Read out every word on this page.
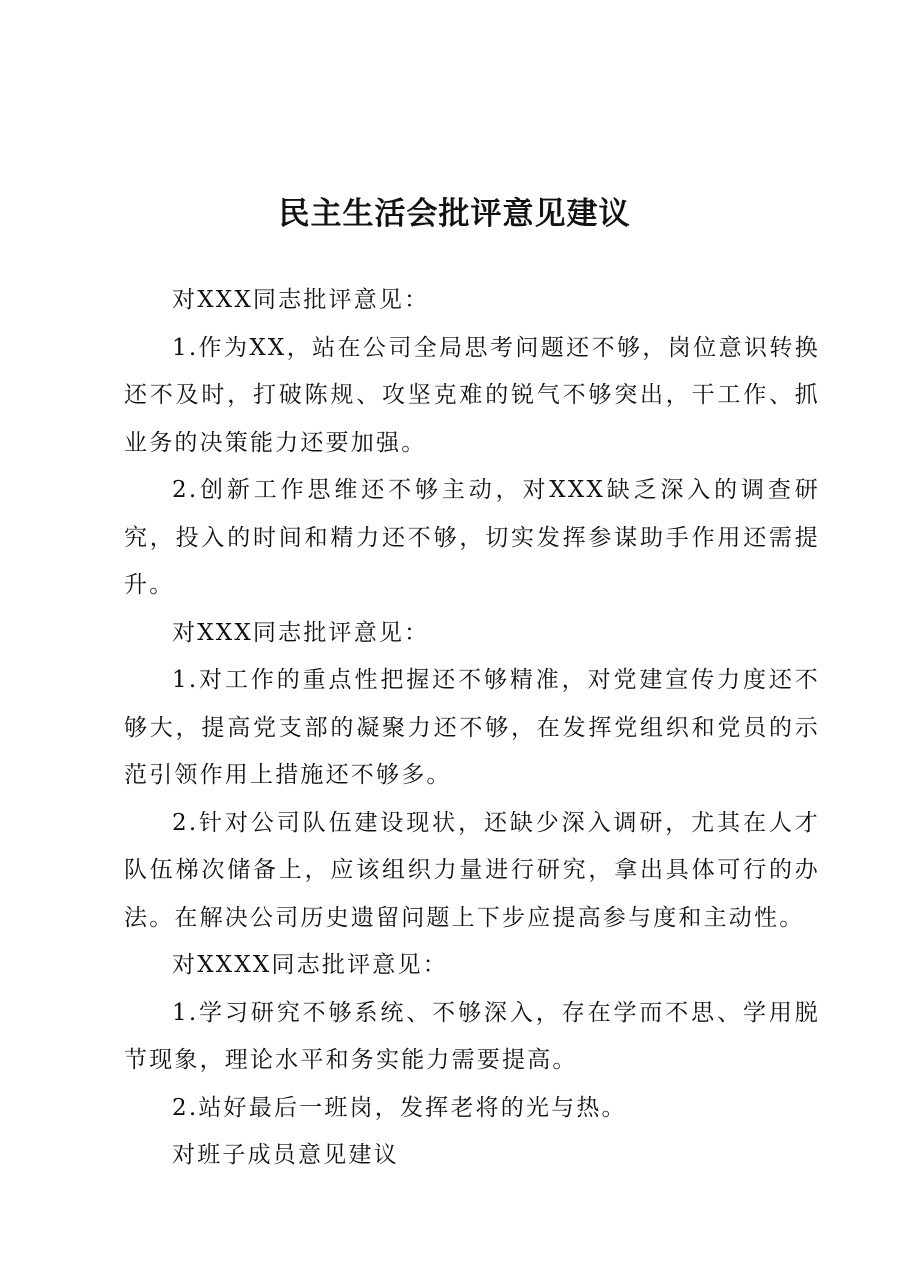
民主生活会批评意见建议

对XXX同志批评意见：

1.作为XX，站在公司全局思考问题还不够，岗位意识转换还不及时，打破陈规、攻坚克难的锐气不够突出，干工作、抓业务的决策能力还要加强。

2.创新工作思维还不够主动，对XXX缺乏深入的调查研究，投入的时间和精力还不够，切实发挥参谋助手作用还需提升。

对XXX同志批评意见：

1.对工作的重点性把握还不够精准，对党建宣传力度还不够大，提高党支部的凝聚力还不够，在发挥党组织和党员的示范引领作用上措施还不够多。

2.针对公司队伍建设现状，还缺少深入调研，尤其在人才队伍梯次储备上，应该组织力量进行研究，拿出具体可行的办法。在解决公司历史遗留问题上下步应提高参与度和主动性。

对XXXX同志批评意见：

1.学习研究不够系统、不够深入，存在学而不思、学用脱节现象，理论水平和务实能力需要提高。

2.站好最后一班岗，发挥老将的光与热。

对班子成员意见建议
